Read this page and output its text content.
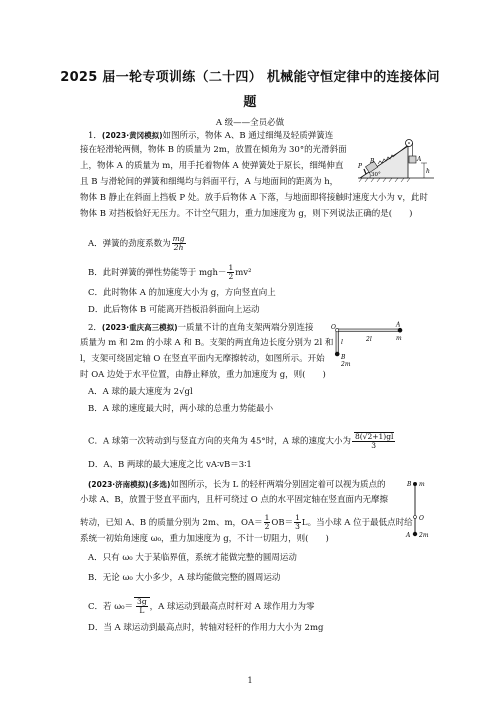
2025 届一轮专项训练（二十四） 机械能守恒定律中的连接体问
题
A 级——全员必做
1．(2023·黄冈模拟)如图所示，物体 A、B 通过细绳及轻质弹簧连
接在轻滑轮两侧，物体 B 的质量为 2m，放置在倾角为 30°的光滑斜面
上，物体 A 的质量为 m，用手托着物体 A 使弹簧处于原长，细绳伸直
且 B 与滑轮间的弹簧和细绳均与斜面平行，A 与地面间的距离为 h，
物体 B 静止在斜面上挡板 P 处。放手后物体 A 下落，与地面即将接触时速度大小为 v，此时
物体 B 对挡板恰好无压力。不计空气阻力，重力加速度为 g，则下列说法正确的是(　　)
P
B	A
h
30°
A．弹簧的劲度系数为 $\frac{mg}{2h}$
B．此时弹簧的弹性势能等于 $mgh- \frac{1}{2} mv^2$
C．此时物体 A 的加速度大小为 g，方向竖直向上
D．此后物体 B 可能离开挡板沿斜面向上运动
2．(2023·重庆高三模拟)一质量不计的直角支架两端分别连接
质量为 m 和 2m 的小球 A 和 B。支架的两直角边长度分别为 2l 和
l，支架可绕固定轴 O 在竖直平面内无摩擦转动，如图所示。开始
时 OA 边处于水平位置，由静止释放，重力加速度为 g，则(　　)
O	A
m
2l
l
B
2m
A．A 球的最大速度为 2√gl
B．A 球的速度最大时，两小球的总重力势能最小
C．A 球第一次转动到与竖直方向的夹角为 45°时，A 球的速度大小为 $\frac{8(√2+1)gl}{3}$
D．A、B 两球的最大速度之比 vA∶vB＝3∶1
(2023·济南模拟)(多选)如图所示，长为 L 的轻杆两端分别固定着可以视为质点的
小球 A、B，放置于竖直平面内，且杆可绕过 O 点的水平固定轴在竖直面内无摩擦
转动，已知 A、B 的质量分别为 2m、m，$OA= \frac{1}{2} OB= \frac{1}{3}$ L。当小球 A 位于最低点时给
系统一初始角速度 ω₀，重力加速度为 g，不计一切阻力，则(　　)
B m
O
A 2m
A．只有 ω₀ 大于某临界值，系统才能做完整的圆周运动
B．无论 ω₀ 大小多少，A 球均能做完整的圆周运动
C．若 $\omega_0= \frac{3g}{L}$ ，A 球运动到最高点时杆对 A 球作用力为零
D．当 A 球运动到最高点时，转轴对轻杆的作用力大小为 2mg
1
